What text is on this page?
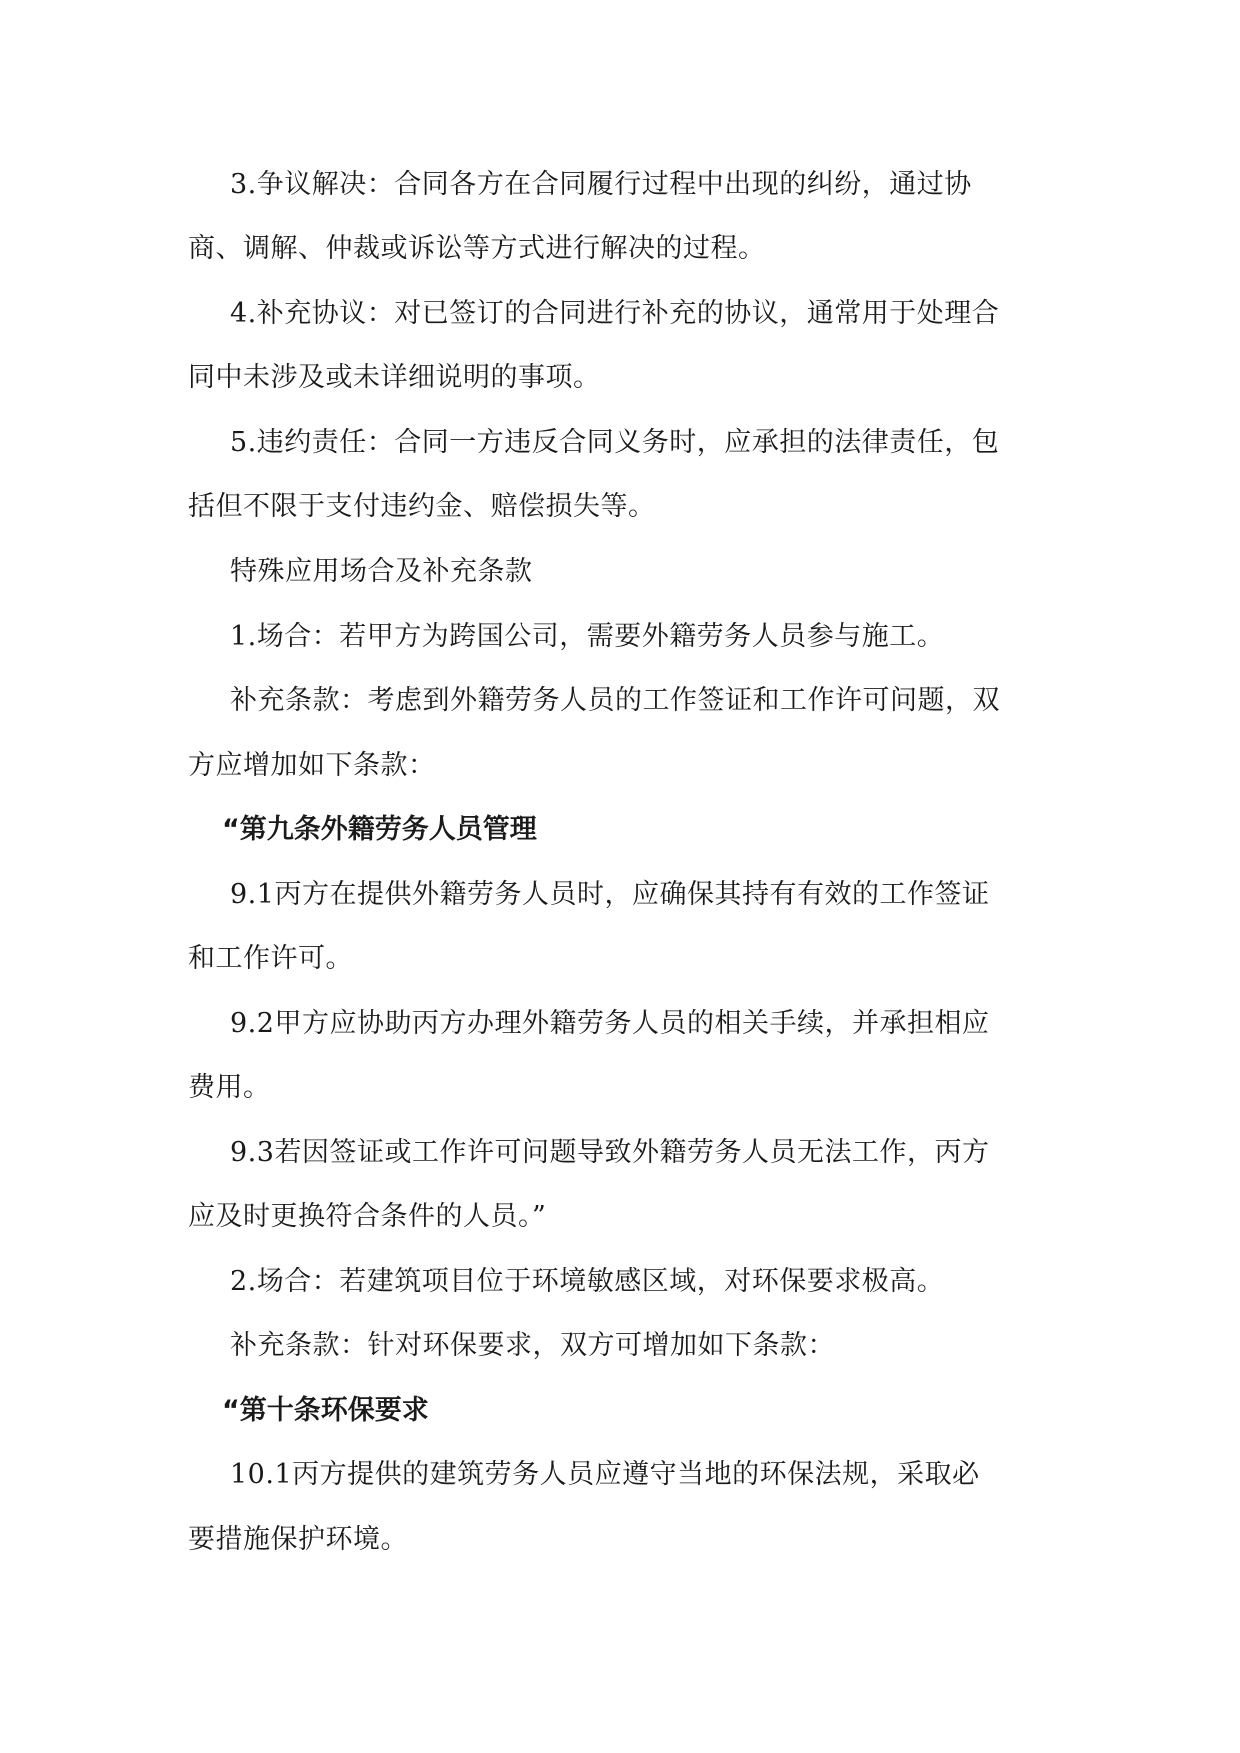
3.争议解决：合同各方在合同履行过程中出现的纠纷，通过协
商、调解、仲裁或诉讼等方式进行解决的过程。
4.补充协议：对已签订的合同进行补充的协议，通常用于处理合
同中未涉及或未详细说明的事项。
5.违约责任：合同一方违反合同义务时，应承担的法律责任，包
括但不限于支付违约金、赔偿损失等。
特殊应用场合及补充条款
1.场合：若甲方为跨国公司，需要外籍劳务人员参与施工。
补充条款：考虑到外籍劳务人员的工作签证和工作许可问题，双
方应增加如下条款：
“第九条外籍劳务人员管理
9.1丙方在提供外籍劳务人员时，应确保其持有有效的工作签证
和工作许可。
9.2甲方应协助丙方办理外籍劳务人员的相关手续，并承担相应
费用。
9.3若因签证或工作许可问题导致外籍劳务人员无法工作，丙方
应及时更换符合条件的人员。”
2.场合：若建筑项目位于环境敏感区域，对环保要求极高。
补充条款：针对环保要求，双方可增加如下条款：
“第十条环保要求
10.1丙方提供的建筑劳务人员应遵守当地的环保法规，采取必
要措施保护环境。
